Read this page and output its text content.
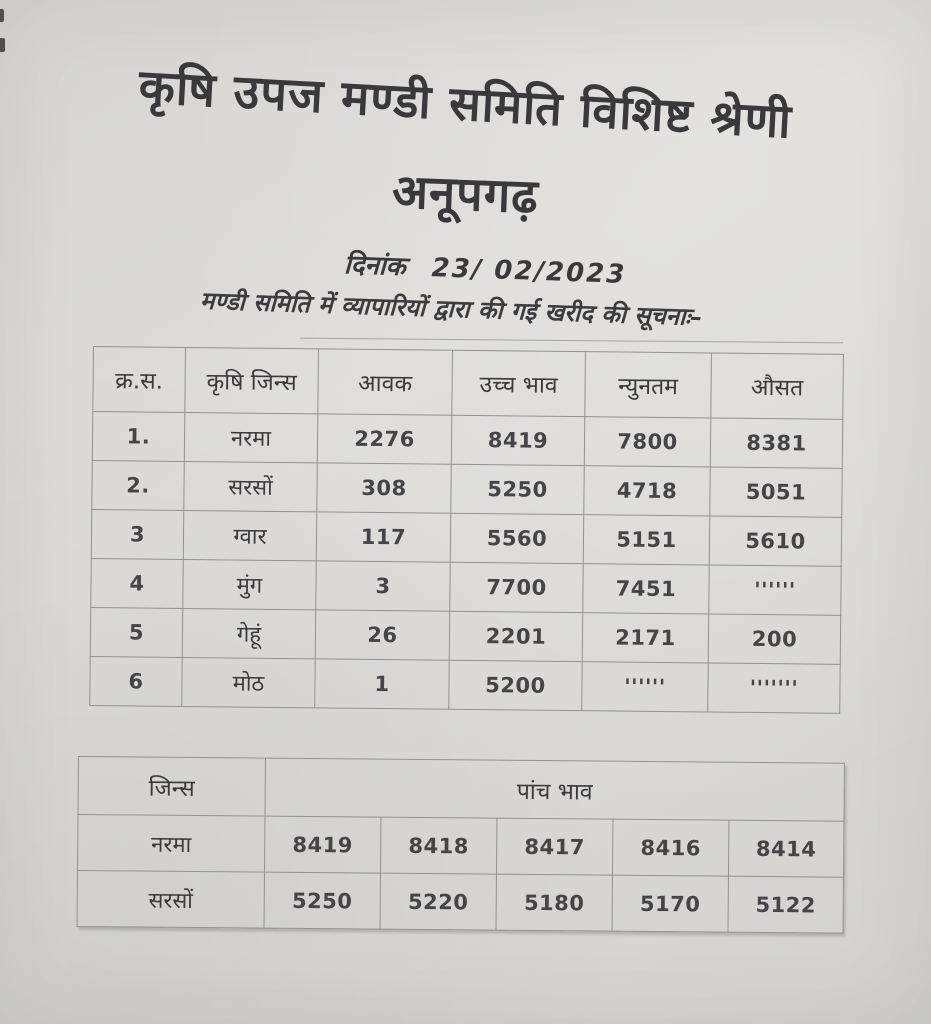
कृषि उपज मण्डी समिति विशिष्ट श्रेणी
अनूपगढ़
दिनांक 23/ 02/2023
मण्डी समिति में व्यापारियों द्वारा की गई खरीद की सूचनाः–
क्र.स.	कृषि जिन्स	आवक	उच्च भाव	न्युनतम	औसत
1.	नरमा	2276	8419	7800	8381
2.	सरसों	308	5250	4718	5051
3	ग्वार	117	5560	5151	5610
4	मुंग	3	7700	7451	''''''
5	गेहूं	26	2201	2171	200
6	मोठ	1	5200	''''''	'''''''
जिन्स	पांच भाव				
नरमा	8419	8418	8417	8416	8414
सरसों	5250	5220	5180	5170	5122
